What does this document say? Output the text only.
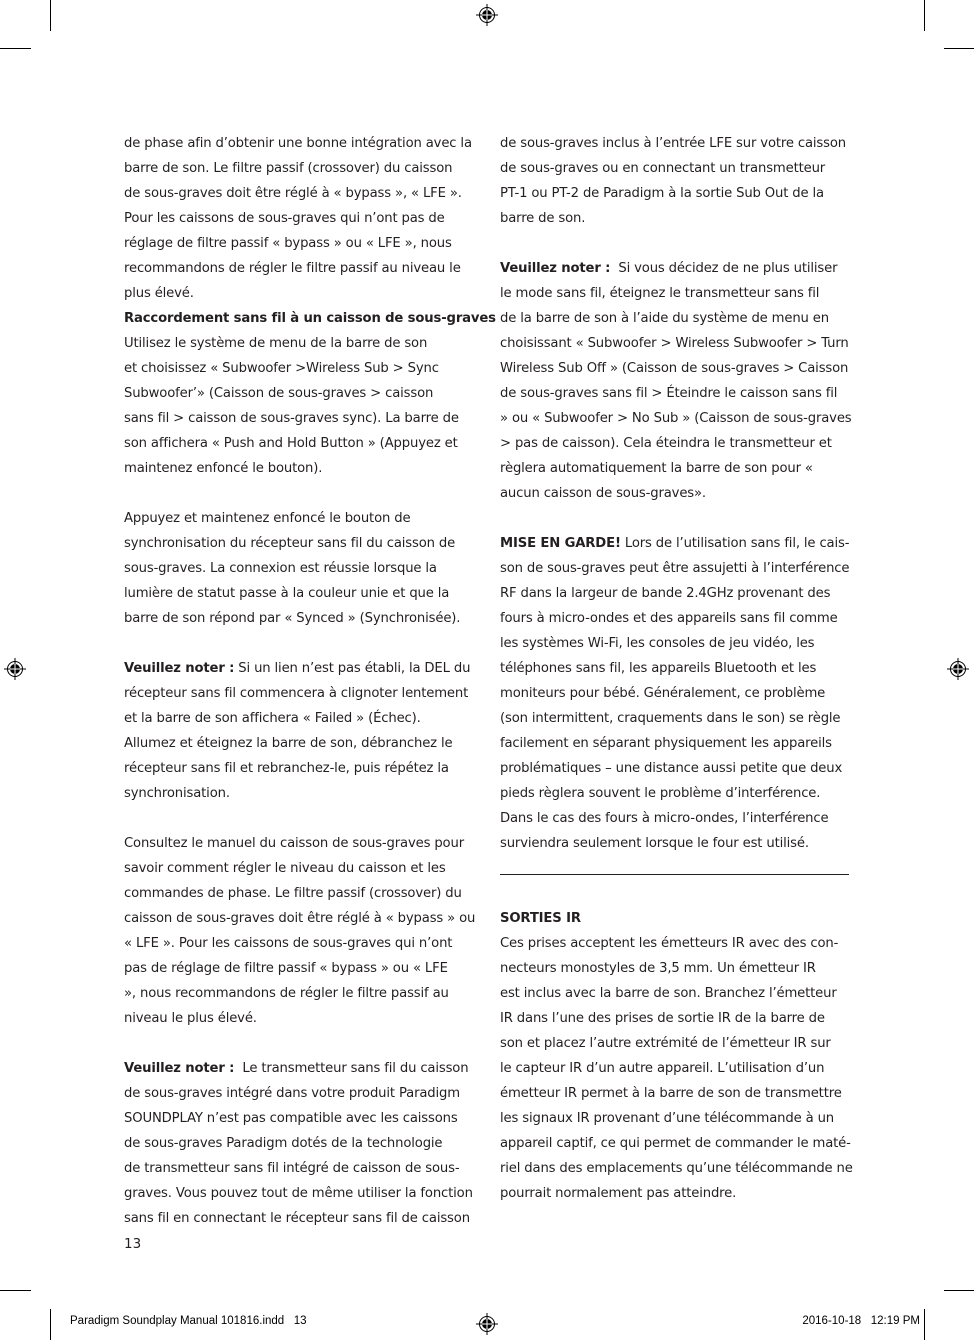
de phase afin d’obtenir une bonne intégration avec la
barre de son. Le filtre passif (crossover) du caisson
de sous-graves doit être réglé à « bypass », « LFE ».
Pour les caissons de sous-graves qui n’ont pas de
réglage de filtre passif « bypass » ou « LFE », nous
recommandons de régler le filtre passif au niveau le
plus élevé.
Raccordement sans fil à un caisson de sous-graves
Utilisez le système de menu de la barre de son
et choisissez « Subwoofer >Wireless Sub > Sync
Subwoofer’» (Caisson de sous-graves > caisson
sans fil > caisson de sous-graves sync). La barre de
son affichera « Push and Hold Button » (Appuyez et
maintenez enfoncé le bouton).
Appuyez et maintenez enfoncé le bouton de
synchronisation du récepteur sans fil du caisson de
sous-graves. La connexion est réussie lorsque la
lumière de statut passe à la couleur unie et que la
barre de son répond par « Synced » (Synchronisée).
Veuillez noter : Si un lien n’est pas établi, la DEL du
récepteur sans fil commencera à clignoter lentement
et la barre de son affichera « Failed » (Échec).
Allumez et éteignez la barre de son, débranchez le
récepteur sans fil et rebranchez-le, puis répétez la
synchronisation.
Consultez le manuel du caisson de sous-graves pour
savoir comment régler le niveau du caisson et les
commandes de phase. Le filtre passif (crossover) du
caisson de sous-graves doit être réglé à « bypass » ou
« LFE ». Pour les caissons de sous-graves qui n’ont
pas de réglage de filtre passif « bypass » ou « LFE
», nous recommandons de régler le filtre passif au
niveau le plus élevé.
Veuillez noter :  Le transmetteur sans fil du caisson
de sous-graves intégré dans votre produit Paradigm
SOUNDPLAY n’est pas compatible avec les caissons
de sous-graves Paradigm dotés de la technologie
de transmetteur sans fil intégré de caisson de sous-
graves. Vous pouvez tout de même utiliser la fonction
sans fil en connectant le récepteur sans fil de caisson
de sous-graves inclus à l’entrée LFE sur votre caisson
de sous-graves ou en connectant un transmetteur
PT-1 ou PT-2 de Paradigm à la sortie Sub Out de la
barre de son.
Veuillez noter :  Si vous décidez de ne plus utiliser
le mode sans fil, éteignez le transmetteur sans fil
de la barre de son à l’aide du système de menu en
choisissant « Subwoofer > Wireless Subwoofer > Turn
Wireless Sub Off » (Caisson de sous-graves > Caisson
de sous-graves sans fil > Éteindre le caisson sans fil
» ou « Subwoofer > No Sub » (Caisson de sous-graves
> pas de caisson). Cela éteindra le transmetteur et
règlera automatiquement la barre de son pour «
aucun caisson de sous-graves».
MISE EN GARDE! Lors de l’utilisation sans fil, le cais-
son de sous-graves peut être assujetti à l’interférence
RF dans la largeur de bande 2.4GHz provenant des
fours à micro-ondes et des appareils sans fil comme
les systèmes Wi-Fi, les consoles de jeu vidéo, les
téléphones sans fil, les appareils Bluetooth et les
moniteurs pour bébé. Généralement, ce problème
(son intermittent, craquements dans le son) se règle
facilement en séparant physiquement les appareils
problématiques – une distance aussi petite que deux
pieds règlera souvent le problème d’interférence.
Dans le cas des fours à micro-ondes, l’interférence
surviendra seulement lorsque le four est utilisé.
SORTIES IR
Ces prises acceptent les émetteurs IR avec des con-
necteurs monostyles de 3,5 mm. Un émetteur IR
est inclus avec la barre de son. Branchez l’émetteur
IR dans l’une des prises de sortie IR de la barre de
son et placez l’autre extrémité de l’émetteur IR sur
le capteur IR d’un autre appareil. L’utilisation d’un
émetteur IR permet à la barre de son de transmettre
les signaux IR provenant d’une télécommande à un
appareil captif, ce qui permet de commander le maté-
riel dans des emplacements qu’une télécommande ne
pourrait normalement pas atteindre.
13
Paradigm Soundplay Manual 101816.indd   13	2016-10-18   12:19 PM
